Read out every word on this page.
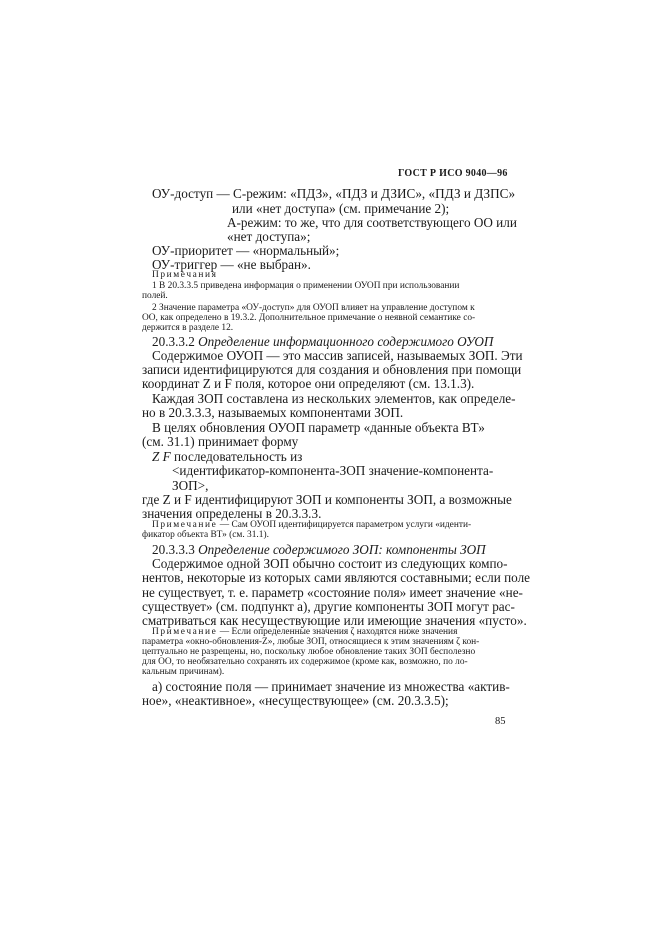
ГОСТ Р ИСО 9040—96
ОУ-доступ — С-режим: «ПДЗ», «ПДЗ и ДЗИС», «ПДЗ и ДЗПС»
или «нет доступа» (см. примечание 2);
А-режим: то же, что для соответствующего ОО или
«нет доступа»;
ОУ-приоритет — «нормальный»;
ОУ-триггер — «не выбран».
Примечания
1 В 20.3.3.5 приведена информация о применении ОУОП при использовании
полей.
2 Значение параметра «ОУ-доступ» для ОУОП влияет на управление доступом к
ОО, как определено в 19.3.2. Дополнительное примечание о неявной семантике со-
держится в разделе 12.
20.3.3.2 Определение информационного содержимого ОУОП
Содержимое ОУОП — это массив записей, называемых ЗОП. Эти
записи идентифицируются для создания и обновления при помощи
координат Z и F поля, которое они определяют (см. 13.1.3).
Каждая ЗОП составлена из нескольких элементов, как определе-
но в 20.3.3.3, называемых компонентами ЗОП.
В целях обновления ОУОП параметр «данные объекта ВТ»
(см. 31.1) принимает форму
Z F последовательность из
<идентификатор-компонента-ЗОП значение-компонента-
ЗОП>,
где Z и F идентифицируют ЗОП и компоненты ЗОП, а возможные
значения определены в 20.3.3.3.
Примечание — Сам ОУОП идентифицируется параметром услуги «иденти-
фикатор объекта ВТ» (см. 31.1).
20.3.3.3 Определение содержимого ЗОП: компоненты ЗОП
Содержимое одной ЗОП обычно состоит из следующих компо-
нентов, некоторые из которых сами являются составными; если поле
не существует, т. е. параметр «состояние поля» имеет значение «не-
существует» (см. подпункт а), другие компоненты ЗОП могут рас-
сматриваться как несуществующие или имеющие значения «пусто».
Примечание — Если определенные значения ζ находятся ниже значения
параметра «окно-обновления-Z», любые ЗОП, относящиеся к этим значениям ζ кон-
цептуально не разрещены, но, поскольку любое обновление таких ЗОП бесполезно
для ОО, то необязательно сохранять их содержимое (кроме как, возможно, по ло-
кальным причинам).
а) состояние поля — принимает значение из множества «актив-
ное», «неактивное», «несуществующее» (см. 20.3.3.5);
85
